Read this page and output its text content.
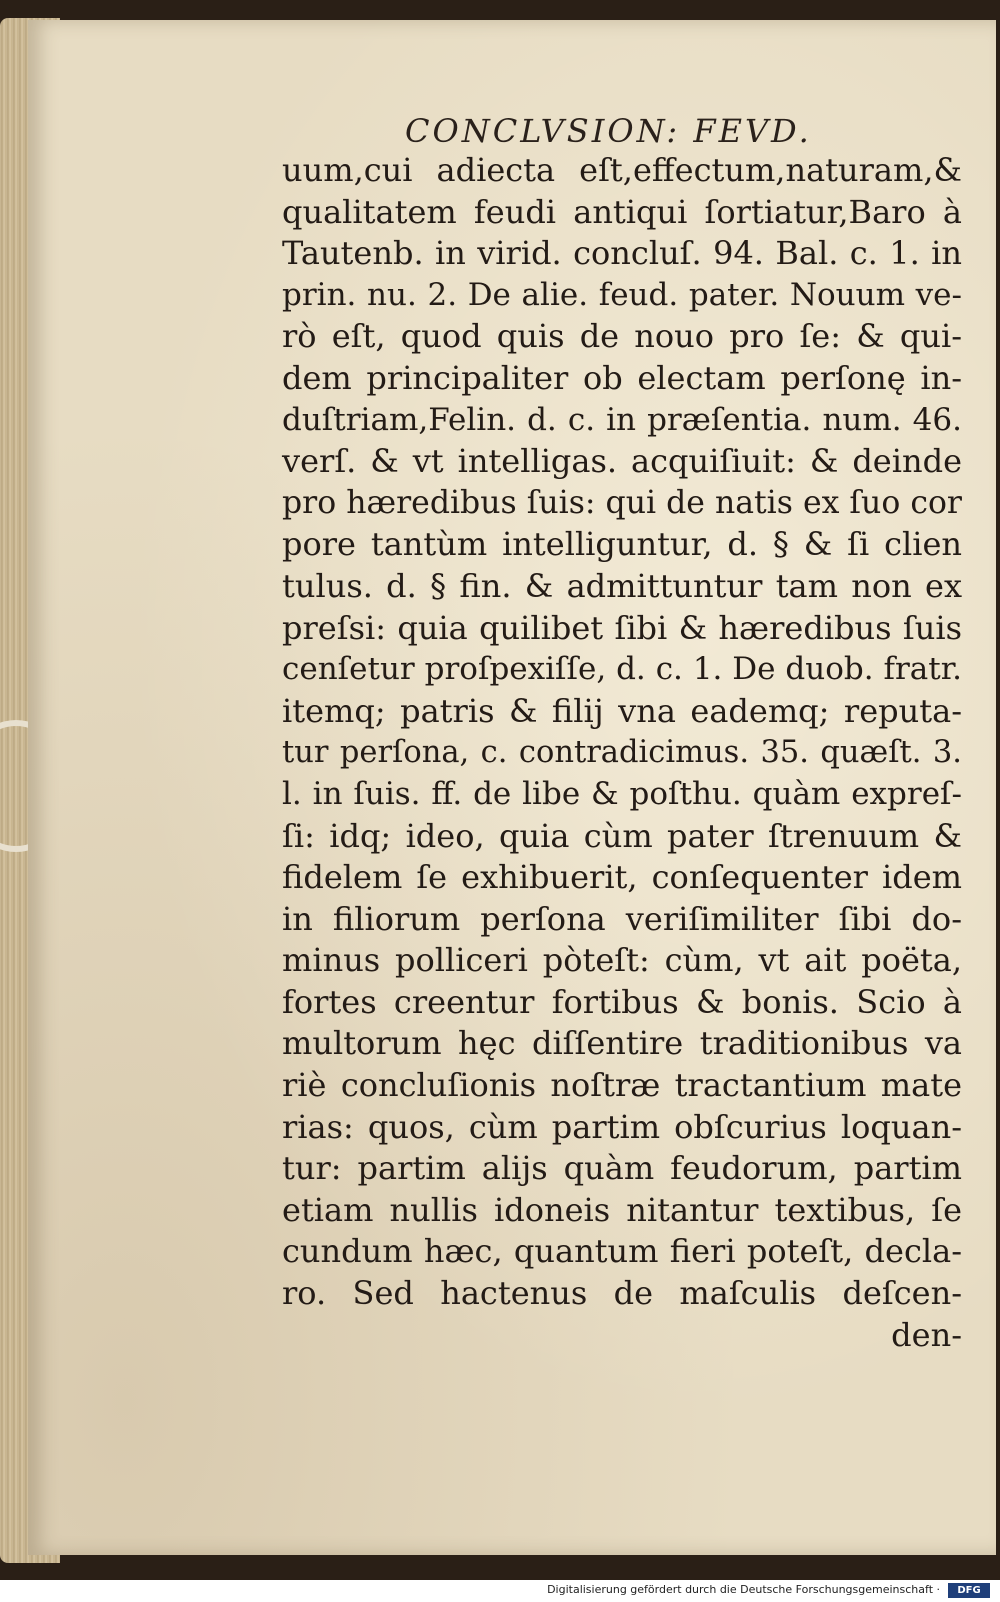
CONCLVSION: FEVD.
uum,cui adiecta eſt,effectum,naturam,&
qualitatem feudi antiqui ſortiatur,Baro à
Tautenb. in virid. concluſ. 94. Bal. c. 1. in
prin. nu. 2. De alie. feud. pater. Nouum ve-
rò eſt, quod quis de nouo pro ſe: & qui-
dem principaliter ob electam perſonę in-
duſtriam,Felin. d. c. in præſentia. num. 46.
verſ. & vt intelligas. acquiſiuit: & deinde
pro hæredibus ſuis: qui de natis ex ſuo cor
pore tantùm intelliguntur, d. § & ſi clien
tulus. d. § fin. & admittuntur tam non ex
preſsi: quia quilibet ſibi & hæredibus ſuis
cenſetur proſpexiſſe, d. c. 1. De duob. fratr.
itemq; patris & filij vna eademq; reputa-
tur perſona, c. contradicimus. 35. quæſt. 3.
l. in ſuis. ff. de libe & poſthu. quàm expreſ-
ſi: idq; ideo, quia cùm pater ſtrenuum &
fidelem ſe exhibuerit, conſequenter idem
in filiorum perſona veriſimiliter ſibi do-
minus polliceri pòteſt: cùm, vt ait poëta,
fortes creentur fortibus & bonis. Scio à
multorum hęc diſſentire traditionibus va
riè concluſionis noſtræ tractantium mate
rias: quos, cùm partim obſcurius loquan-
tur: partim alijs quàm feudorum, partim
etiam nullis idoneis nitantur textibus, ſe
cundum hæc, quantum fieri poteſt, decla-
ro. Sed hactenus de maſculis deſcen-
den-
Digitalisierung gefördert durch die Deutsche Forschungsgemeinschaft ·	DFG
